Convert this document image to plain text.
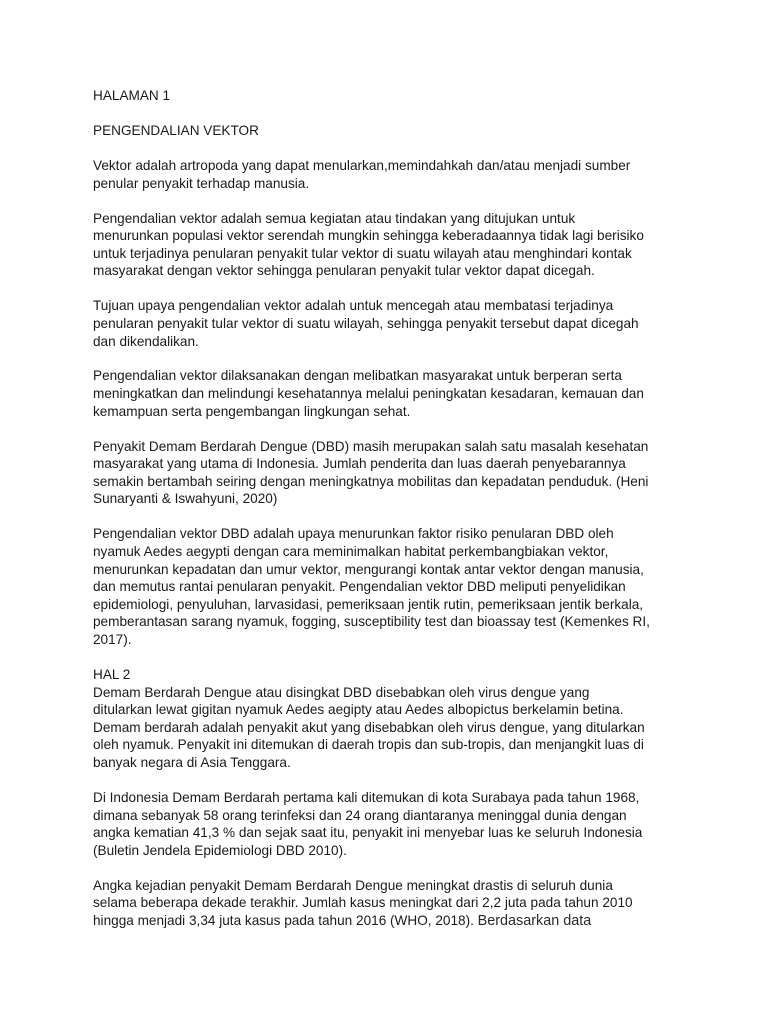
HALAMAN 1

PENGENDALIAN VEKTOR

Vektor adalah artropoda yang dapat menularkan,memindahkah dan/atau menjadi sumber
penular penyakit terhadap manusia.

Pengendalian vektor adalah semua kegiatan atau tindakan yang ditujukan untuk
menurunkan populasi vektor serendah mungkin sehingga keberadaannya tidak lagi berisiko
untuk terjadinya penularan penyakit tular vektor di suatu wilayah atau menghindari kontak
masyarakat dengan vektor sehingga penularan penyakit tular vektor dapat dicegah.

Tujuan upaya pengendalian vektor adalah untuk mencegah atau membatasi terjadinya
penularan penyakit tular vektor di suatu wilayah, sehingga penyakit tersebut dapat dicegah
dan dikendalikan.

Pengendalian vektor dilaksanakan dengan melibatkan masyarakat untuk berperan serta
meningkatkan dan melindungi kesehatannya melalui peningkatan kesadaran, kemauan dan
kemampuan serta pengembangan lingkungan sehat.

Penyakit Demam Berdarah Dengue (DBD) masih merupakan salah satu masalah kesehatan
masyarakat yang utama di Indonesia. Jumlah penderita dan luas daerah penyebarannya
semakin bertambah seiring dengan meningkatnya mobilitas dan kepadatan penduduk. (Heni
Sunaryanti & Iswahyuni, 2020)

Pengendalian vektor DBD adalah upaya menurunkan faktor risiko penularan DBD oleh
nyamuk Aedes aegypti dengan cara meminimalkan habitat perkembangbiakan vektor,
menurunkan kepadatan dan umur vektor, mengurangi kontak antar vektor dengan manusia,
dan memutus rantai penularan penyakit. Pengendalian vektor DBD meliputi penyelidikan
epidemiologi, penyuluhan, larvasidasi, pemeriksaan jentik rutin, pemeriksaan jentik berkala,
pemberantasan sarang nyamuk, fogging, susceptibility test dan bioassay test (Kemenkes RI,
2017).

HAL 2

Demam Berdarah Dengue atau disingkat DBD disebabkan oleh virus dengue yang
ditularkan lewat gigitan nyamuk Aedes aegipty atau Aedes albopictus berkelamin betina.
Demam berdarah adalah penyakit akut yang disebabkan oleh virus dengue, yang ditularkan
oleh nyamuk. Penyakit ini ditemukan di daerah tropis dan sub-tropis, dan menjangkit luas di
banyak negara di Asia Tenggara.

Di Indonesia Demam Berdarah pertama kali ditemukan di kota Surabaya pada tahun 1968,
dimana sebanyak 58 orang terinfeksi dan 24 orang diantaranya meninggal dunia dengan
angka kematian 41,3 % dan sejak saat itu, penyakit ini menyebar luas ke seluruh Indonesia
(Buletin Jendela Epidemiologi DBD 2010).

Angka kejadian penyakit Demam Berdarah Dengue meningkat drastis di seluruh dunia
selama beberapa dekade terakhir. Jumlah kasus meningkat dari 2,2 juta pada tahun 2010
hingga menjadi 3,34 juta kasus pada tahun 2016 (WHO, 2018). Berdasarkan data
